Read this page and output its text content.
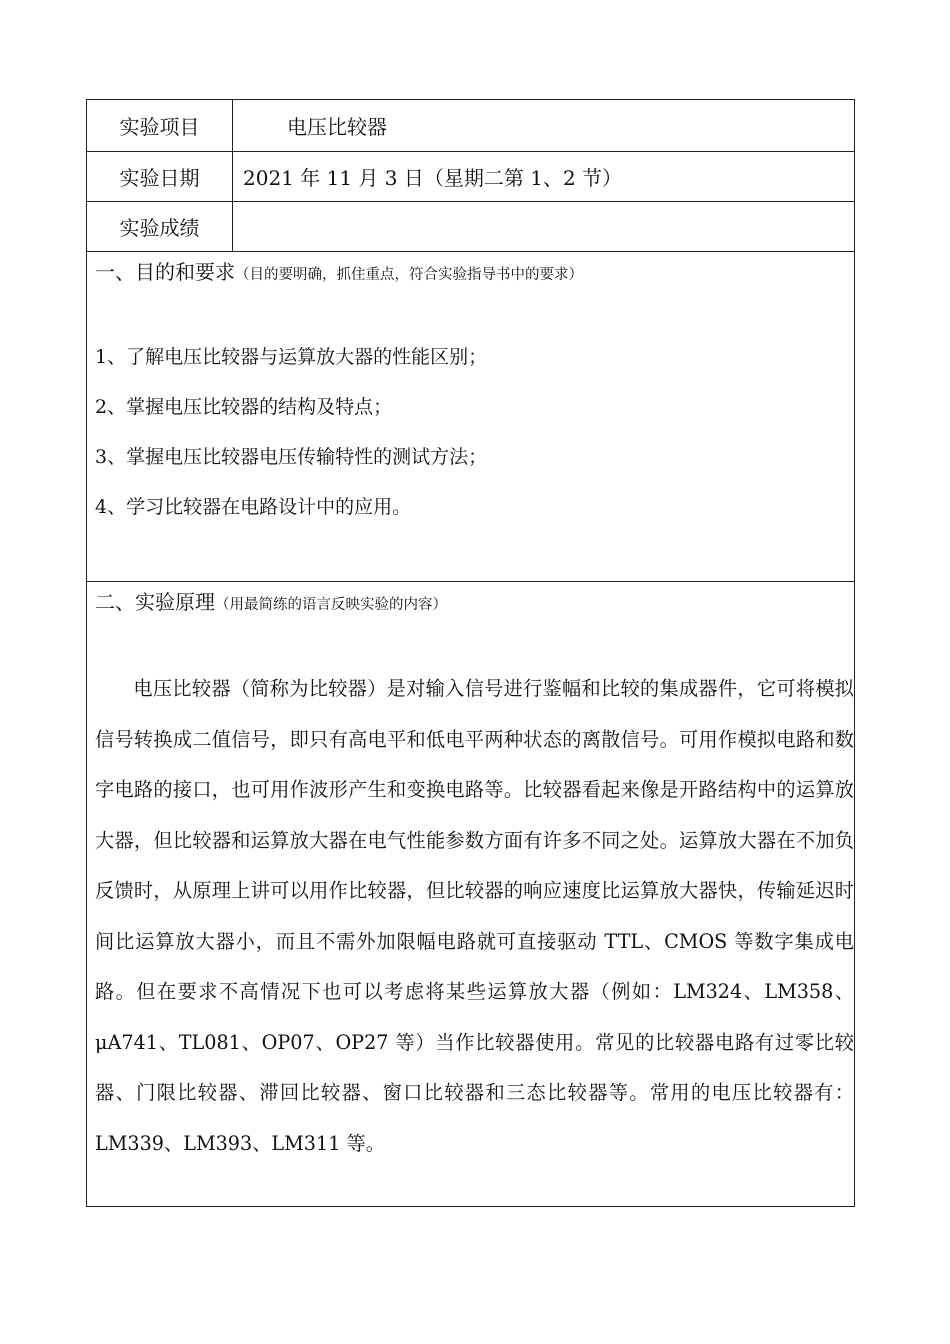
实验项目	电压比较器
实验日期	2021 年 11 月 3 日（星期二第 1、2 节）
实验成绩
一、目的和要求（目的要明确，抓住重点，符合实验指导书中的要求）
1、了解电压比较器与运算放大器的性能区别；
2、掌握电压比较器的结构及特点；
3、掌握电压比较器电压传输特性的测试方法；
4、学习比较器在电路设计中的应用。
二、实验原理（用最简练的语言反映实验的内容）

电压比较器（简称为比较器）是对输入信号进行鉴幅和比较的集成器件，它可将模拟信号转换成二值信号，即只有高电平和低电平两种状态的离散信号。可用作模拟电路和数字电路的接口，也可用作波形产生和变换电路等。比较器看起来像是开路结构中的运算放大器，但比较器和运算放大器在电气性能参数方面有许多不同之处。运算放大器在不加负反馈时，从原理上讲可以用作比较器，但比较器的响应速度比运算放大器快，传输延迟时间比运算放大器小，而且不需外加限幅电路就可直接驱动 TTL、CMOS 等数字集成电路。但在要求不高情况下也可以考虑将某些运算放大器（例如：LM324、LM358、μA741、TL081、OP07、OP27 等）当作比较器使用。常见的比较器电路有过零比较器、门限比较器、滞回比较器、窗口比较器和三态比较器等。常用的电压比较器有：LM339、LM393、LM311 等。
